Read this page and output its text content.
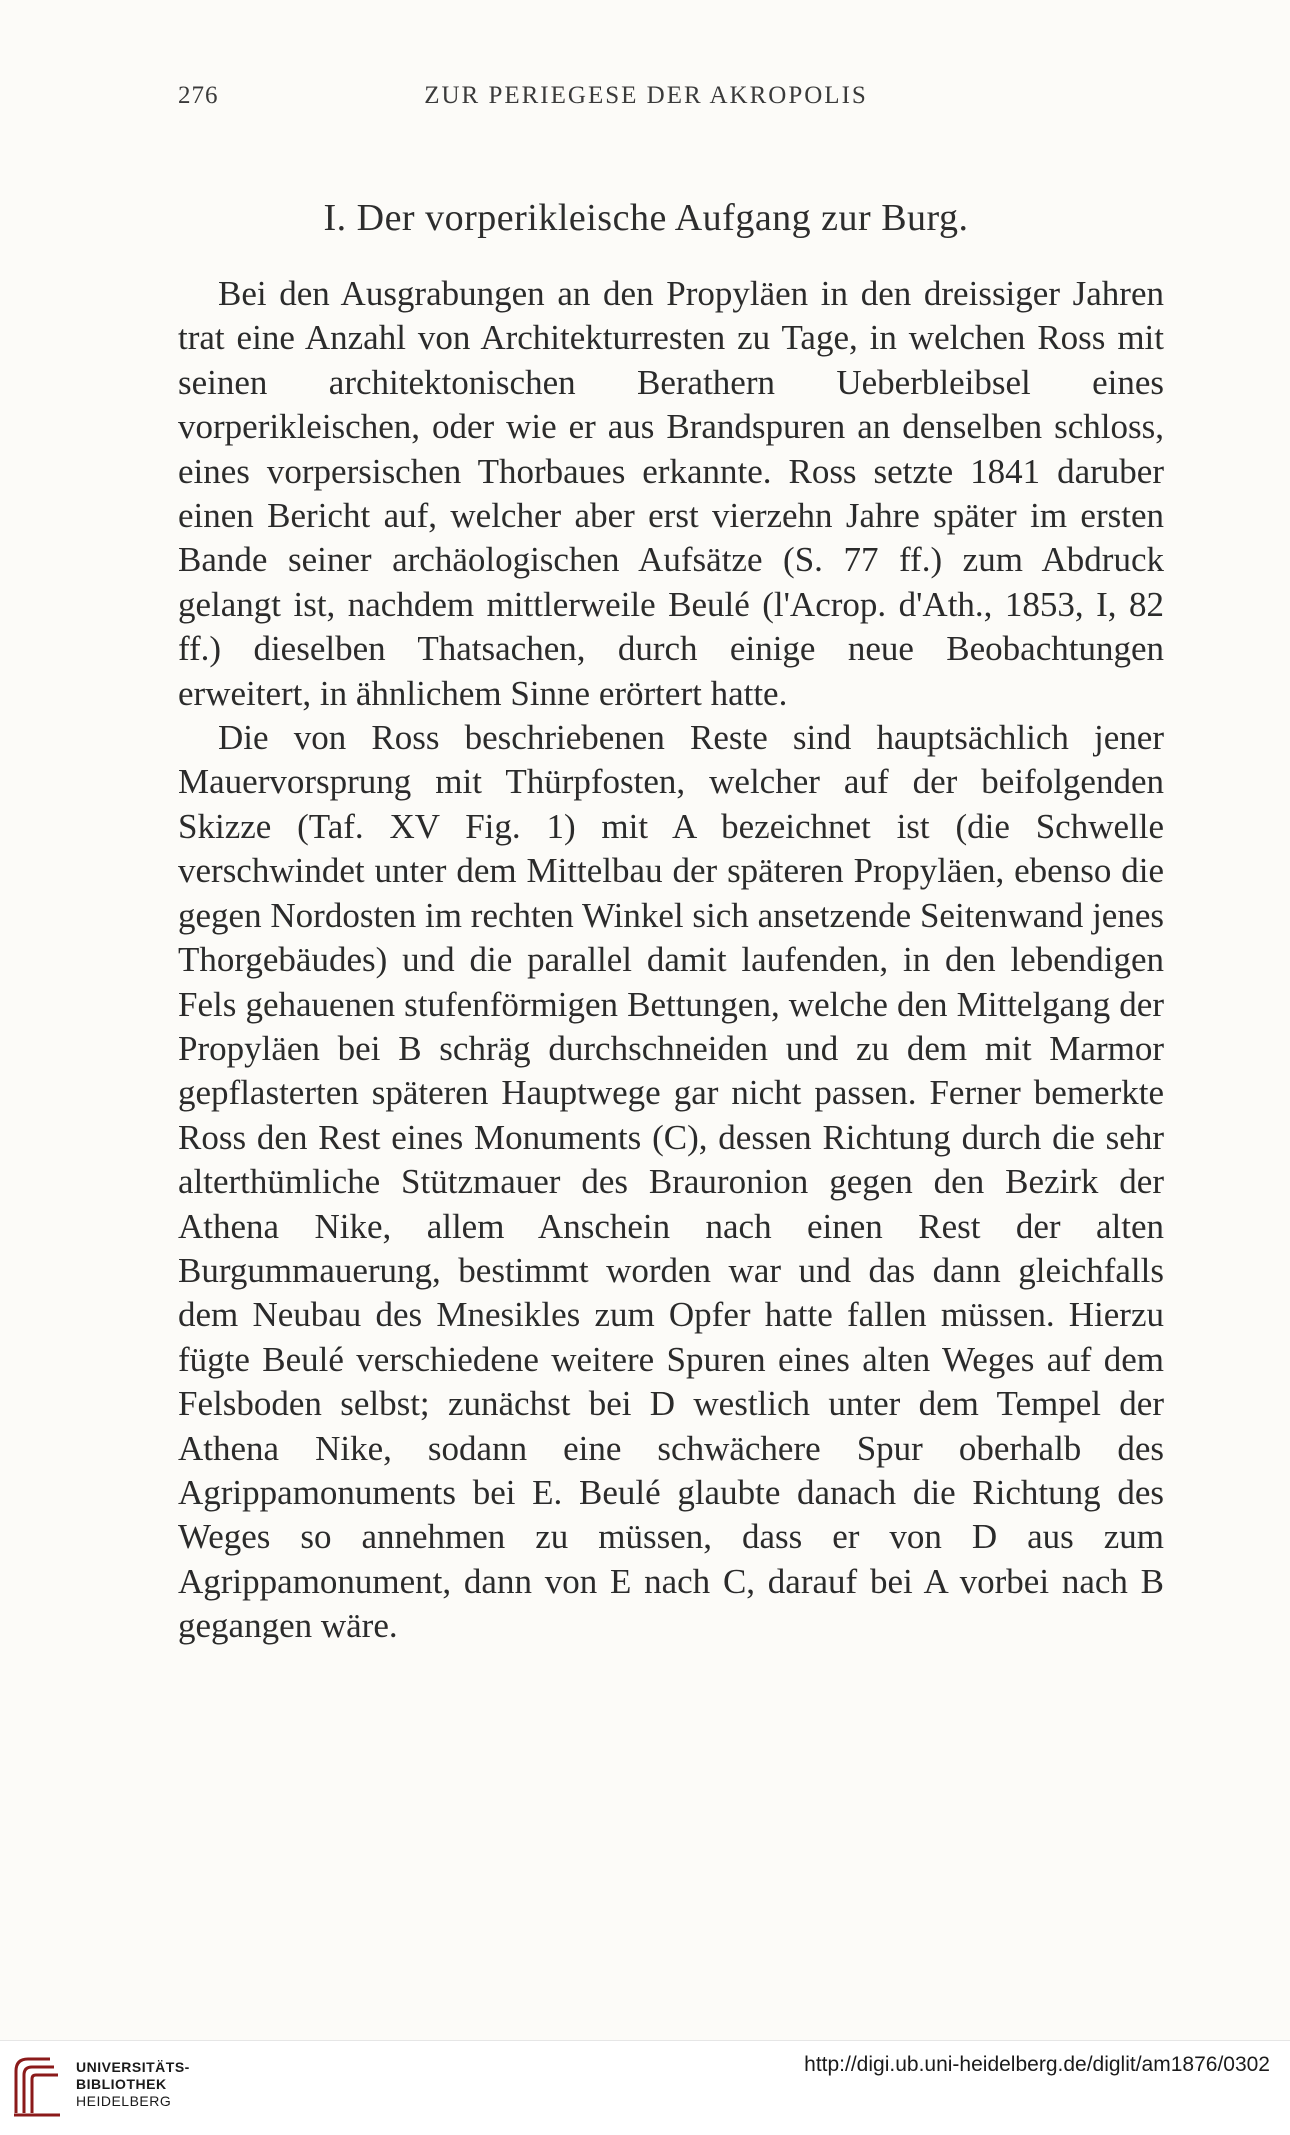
276	ZUR PERIEGESE DER AKROPOLIS
I. Der vorperikleische Aufgang zur Burg.

Bei den Ausgrabungen an den Propyläen in den dreissiger Jahren trat eine Anzahl von Architekturresten zu Tage, in welchen Ross mit seinen architektonischen Berathern Ueberbleibsel eines vorperikleischen, oder wie er aus Brandspuren an denselben schloss, eines vorpersischen Thorbaues erkannte. Ross setzte 1841 daruber einen Bericht auf, welcher aber erst vierzehn Jahre später im ersten Bande seiner archäologischen Aufsätze (S. 77 ff.) zum Abdruck gelangt ist, nachdem mittlerweile Beulé (l'Acrop. d'Ath., 1853, I, 82 ff.) dieselben Thatsachen, durch einige neue Beobachtungen erweitert, in ähnlichem Sinne erörtert hatte.

Die von Ross beschriebenen Reste sind hauptsächlich jener Mauervorsprung mit Thürpfosten, welcher auf der beifolgenden Skizze (Taf. XV Fig. 1) mit A bezeichnet ist (die Schwelle verschwindet unter dem Mittelbau der späteren Propyläen, ebenso die gegen Nordosten im rechten Winkel sich ansetzende Seitenwand jenes Thorgebäudes) und die parallel damit laufenden, in den lebendigen Fels gehauenen stufenförmigen Bettungen, welche den Mittelgang der Propyläen bei B schräg durchschneiden und zu dem mit Marmor gepflasterten späteren Hauptwege gar nicht passen. Ferner bemerkte Ross den Rest eines Monuments (C), dessen Richtung durch die sehr alterthümliche Stützmauer des Brauronion gegen den Bezirk der Athena Nike, allem Anschein nach einen Rest der alten Burgummauerung, bestimmt worden war und das dann gleichfalls dem Neubau des Mnesikles zum Opfer hatte fallen müssen. Hierzu fügte Beulé verschiedene weitere Spuren eines alten Weges auf dem Felsboden selbst; zunächst bei D westlich unter dem Tempel der Athena Nike, sodann eine schwächere Spur oberhalb des Agrippamonuments bei E. Beulé glaubte danach die Richtung des Weges so annehmen zu müssen, dass er von D aus zum Agrippamonument, dann von E nach C, darauf bei A vorbei nach B gegangen wäre.

UNIVERSITÄTS-
BIBLIOTHEK
HEIDELBERG
http://digi.ub.uni-heidelberg.de/diglit/am1876/0302
